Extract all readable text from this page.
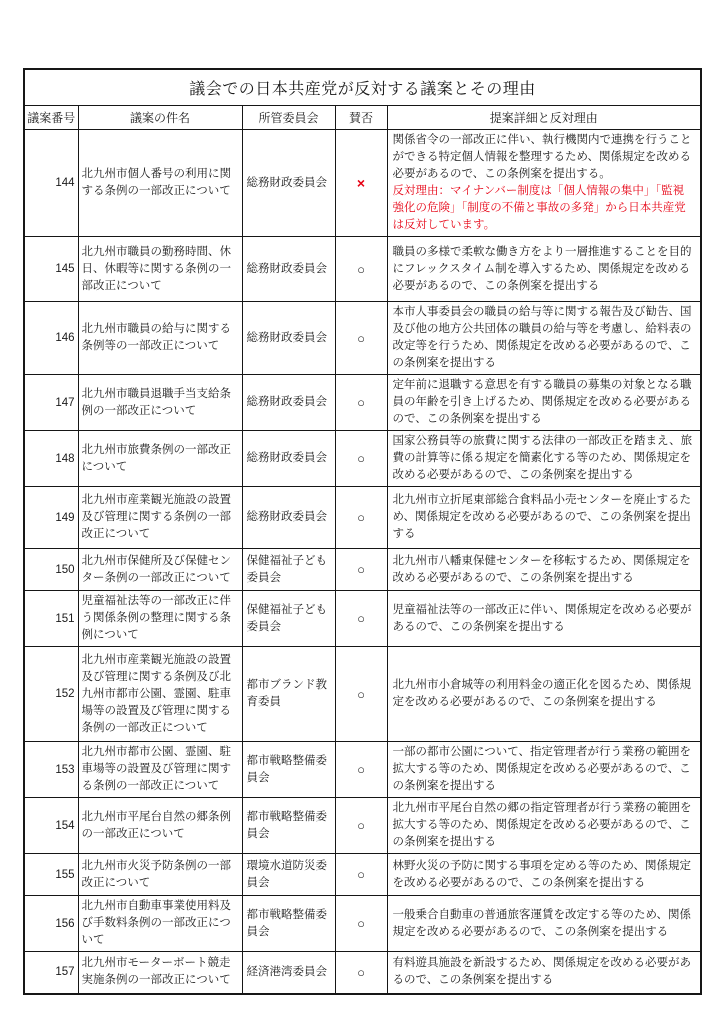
議会での日本共産党が反対する議案とその理由				
議案番号	議案の件名	所管委員会	賛否	提案詳細と反対理由
144	北九州市個人番号の利用に関する条例の一部改正について	総務財政委員会	×	関係省令の一部改正に伴い、執行機関内で連携を行うことができる特定個人情報を整理するため、関係規定を改める必要があるので、この条例案を提出する。
反対理由：マイナンバー制度は「個人情報の集中」「監視強化の危険」「制度の不備と事故の多発」から日本共産党は反対しています。

145	北九州市職員の勤務時間、休日、休暇等に関する条例の一部改正について	総務財政委員会	○	職員の多様で柔軟な働き方をより一層推進することを目的にフレックスタイム制を導入するため、関係規定を改める必要があるので、この条例案を提出する
146	北九州市職員の給与に関する条例等の一部改正について	総務財政委員会	○	本市人事委員会の職員の給与等に関する報告及び勧告、国及び他の地方公共団体の職員の給与等を考慮し、給料表の改定等を行うため、関係規定を改める必要があるので、この条例案を提出する
147	北九州市職員退職手当支給条例の一部改正について	総務財政委員会	○	定年前に退職する意思を有する職員の募集の対象となる職員の年齢を引き上げるため、関係規定を改める必要があるので、この条例案を提出する
148	北九州市旅費条例の一部改正について	総務財政委員会	○	国家公務員等の旅費に関する法律の一部改正を踏まえ、旅費の計算等に係る規定を簡素化する等のため、関係規定を改める必要があるので、この条例案を提出する
149	北九州市産業観光施設の設置及び管理に関する条例の一部改正について	総務財政委員会	○	北九州市立折尾東部総合食料品小売センターを廃止するため、関係規定を改める必要があるので、この条例案を提出する
150	北九州市保健所及び保健センター条例の一部改正について	保健福祉子ども委員会	○	北九州市八幡東保健センターを移転するため、関係規定を改める必要があるので、この条例案を提出する
151	児童福祉法等の一部改正に伴う関係条例の整理に関する条例について	保健福祉子ども委員会	○	児童福祉法等の一部改正に伴い、関係規定を改める必要があるので、この条例案を提出する
152	北九州市産業観光施設の設置及び管理に関する条例及び北九州市都市公園、霊園、駐車場等の設置及び管理に関する条例の一部改正について	都市ブランド教育委員	○	北九州市小倉城等の利用料金の適正化を図るため、関係規定を改める必要があるので、この条例案を提出する
153	北九州市都市公園、霊園、駐車場等の設置及び管理に関する条例の一部改正について	都市戦略整備委員会	○	一部の都市公園について、指定管理者が行う業務の範囲を拡大する等のため、関係規定を改める必要があるので、この条例案を提出する
154	北九州市平尾台自然の郷条例の一部改正について	都市戦略整備委員会	○	北九州市平尾台自然の郷の指定管理者が行う業務の範囲を拡大する等のため、関係規定を改める必要があるので、この条例案を提出する
155	北九州市火災予防条例の一部改正について	環境水道防災委員会	○	林野火災の予防に関する事項を定める等のため、関係規定を改める必要があるので、この条例案を提出する
156	北九州市自動車事業使用料及び手数料条例の一部改正について	都市戦略整備委員会	○	一般乗合自動車の普通旅客運賃を改定する等のため、関係規定を改める必要があるので、この条例案を提出する
157	北九州市モーターボート競走実施条例の一部改正について	経済港湾委員会	○	有料遊具施設を新設するため、関係規定を改める必要があるので、この条例案を提出する
